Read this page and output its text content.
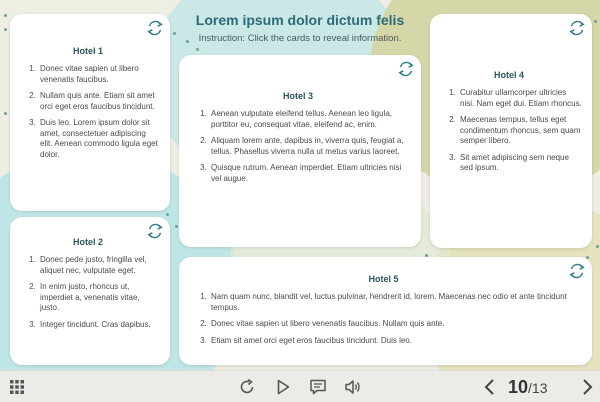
Lorem ipsum dolor dictum felis
Instruction: Click the cards to reveal information.
Hotel 1
1. Donec vitae sapien ut libero venenatis faucibus.
2. Nullam quis ante. Etiam sit amet orci eget eros faucibus tincidunt.
3. Duis leo. Lorem ipsum dolor sit amet, consectetuer adipiscing elit. Aenean commodo ligula eget dolor.
Hotel 2
1. Donec pede justo, fringilla vel, aliquet nec, vulputate eget.
2. In enim justo, rhoncus ut, imperdiet a, venenatis vitae, justo.
3. Integer tincidunt. Cras dapibus.
Hotel 3
1. Aenean vulputate eleifend tellus. Aenean leo ligula, porttitor eu, consequat vitae, eleifend ac, enim.
2. Aliquam lorem ante, dapibus in, viverra quis, feugiat a, tellus. Phasellus viverra nulla ut metus varius laoreet.
3. Quisque rutrum. Aenean imperdiet. Etiam ultricies nisi vel augue.
Hotel 4
1. Curabitur ullamcorper ultricies nisi. Nam eget dui. Etiam rhoncus.
2. Maecenas tempus, tellus eget condimentum rhoncus, sem quam semper libero.
3. Sit amet adipiscing sem neque sed ipsum.
Hotel 5
1. Nam quam nunc, blandit vel, luctus pulvinar, hendrerit id, lorem. Maecenas nec odio et ante tincidunt tempus.
2. Donec vitae sapien ut libero venenatis faucibus. Nullam quis ante.
3. Etiam sit amet orci eget eros faucibus tincidunt. Duis leo.
10/13
